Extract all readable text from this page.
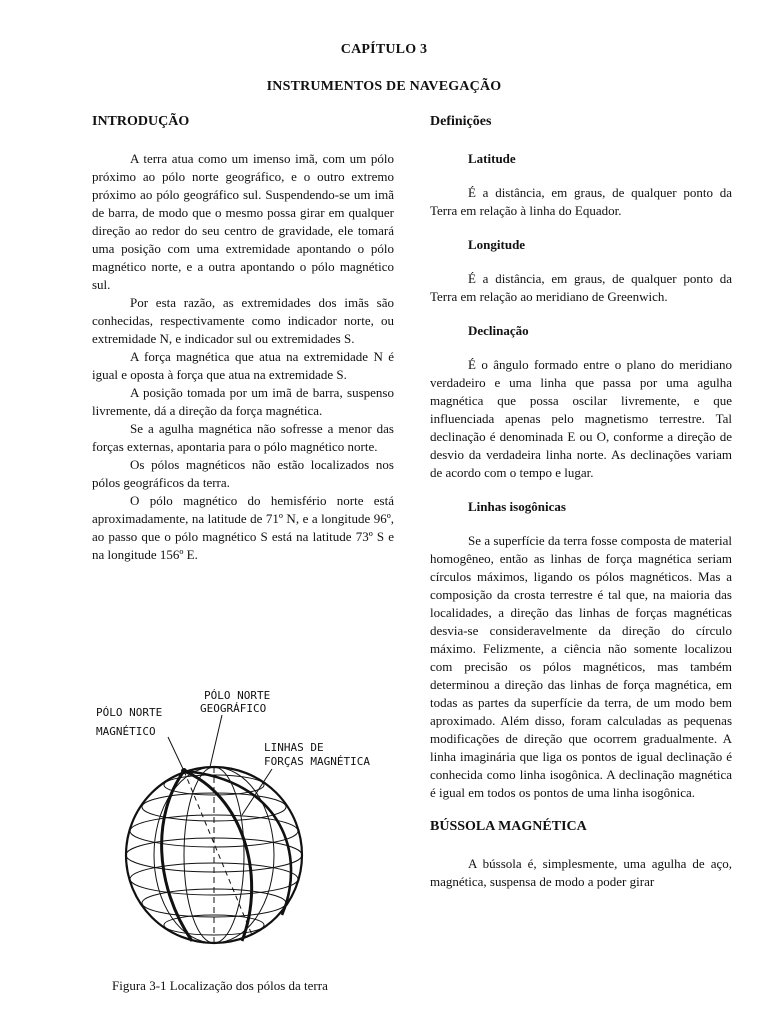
CAPÍTULO 3
INSTRUMENTOS DE NAVEGAÇÃO
INTRODUÇÃO

A terra atua como um imenso imã, com um pólo próximo ao pólo norte geográfico, e o outro extremo próximo ao pólo geográfico sul. Suspendendo-se um imã de barra, de modo que o mesmo possa girar em qualquer direção ao redor do seu centro de gravidade, ele tomará uma posição com uma extremidade apontando o pólo magnético norte, e a outra apontando o pólo magnético sul.

Por esta razão, as extremidades dos imãs são conhecidas, respectivamente como indicador norte, ou extremidade N, e indicador sul ou extremidades S.

A força magnética que atua na extremidade N é igual e oposta à força que atua na extremidade S.

A posição tomada por um imã de barra, suspenso livremente, dá a direção da força magnética.

Se a agulha magnética não sofresse a menor das forças externas, apontaria para o pólo magnético norte.

Os pólos magnéticos não estão localizados nos pólos geográficos da terra.

O pólo magnético do hemisfério norte está aproximadamente, na latitude de 71º N, e a longitude 96º, ao passo que o pólo magnético S está na latitude 73º S e na longitude 156º E.

PÓLO NORTE
GEOGRÁFICO
PÓLO NORTE
MAGNÉTICO
LINHAS DE
FORÇAS MAGNÉTICA
Figura 3-1 Localização dos pólos da terra
Definições
Latitude

É a distância, em graus, de qualquer ponto da Terra em relação à linha do Equador.

Longitude

É a distância, em graus, de qualquer ponto da Terra em relação ao meridiano de Greenwich.

Declinação

É o ângulo formado entre o plano do meridiano verdadeiro e uma linha que passa por uma agulha magnética que possa oscilar livremente, e que influenciada apenas pelo magnetismo terrestre. Tal declinação é denominada E ou O, conforme a direção de desvio da verdadeira linha norte. As declinações variam de acordo com o tempo e lugar.

Linhas isogônicas

Se a superfície da terra fosse composta de material homogêneo, então as linhas de força magnética seriam círculos máximos, ligando os pólos magnéticos. Mas a composição da crosta terrestre é tal que, na maioria das localidades, a direção das linhas de forças magnéticas desvia-se consideravelmente da direção do círculo máximo. Felizmente, a ciência não somente localizou com precisão os pólos magnéticos, mas também determinou a direção das linhas de força magnética, em todas as partes da superfície da terra, de um modo bem aproximado. Além disso, foram calculadas as pequenas modificações de direção que ocorrem gradualmente. A linha imaginária que liga os pontos de igual declinação é conhecida como linha isogônica. A declinação magnética é igual em todos os pontos de uma linha isogônica.

BÚSSOLA MAGNÉTICA

A bússola é, simplesmente, uma agulha de aço, magnética, suspensa de modo a poder girar
